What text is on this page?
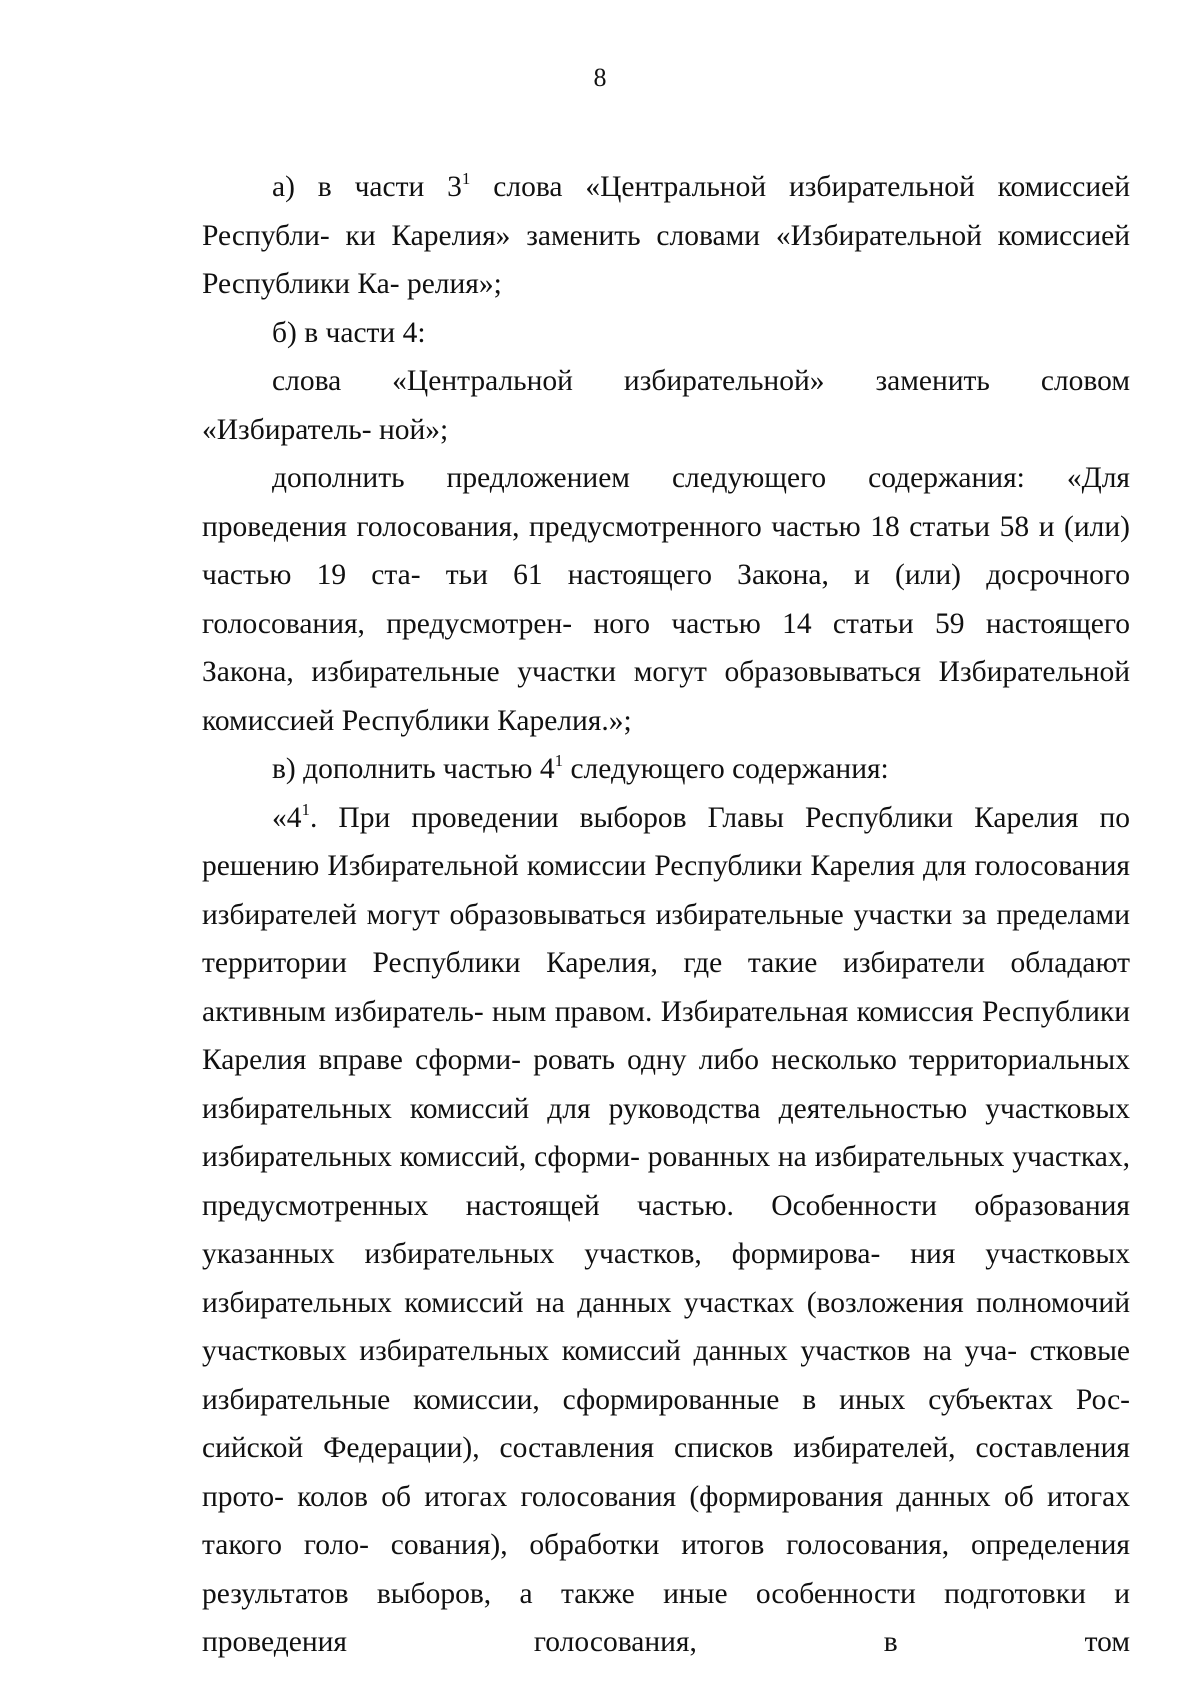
8

а) в части $3^1$ слова «Центральной избирательной комиссией Республи - ки Карелия» заменить словами «Избирательной комиссией Республики Ка - релия»;

б) в части 4:

слова «Центральной избирательной» заменить словом «Избиратель - ной»;

дополнить предложением следующего содержания: «Для проведения голосования, предусмотренного частью 18 статьи 58 и (или) частью 19 ста - тьи 61 настоящего Закона, и (или) досрочного голосования, предусмотрен - ного частью 14 статьи 59 настоящего Закона, избирательные участки могут образовываться Избирательной комиссией Республики Карелия.»;

в) дополнить частью $4^1$ следующего содержания:

«$4^1$. При проведении выборов Главы Республики Карелия по решению Избирательной комиссии Республики Карелия для голосования избирателей могут образовываться избирательные участки за пределами территории Республики Карелия, где такие избиратели обладают активным избиратель - ным правом. Избирательная комиссия Республики Карелия вправе сформи - ровать одну либо несколько территориальных избирательных комиссий для руководства деятельностью участковых избирательных комиссий, сформи - рованных на избирательных участках, предусмотренных настоящей частью. Особенности образования указанных избирательных участков, формирова - ния участковых избирательных комиссий на данных участках (возложения полномочий участковых избирательных комиссий данных участков на уча - стковые избирательные комиссии, сформированные в иных субъектах Рос - сийской Федерации), составления списков избирателей, составления прото - колов об итогах голосования (формирования данных об итогах такого голо - сования), обработки итогов голосования, определения результатов выборов, а также иные особенности подготовки и проведения голосования, в том
